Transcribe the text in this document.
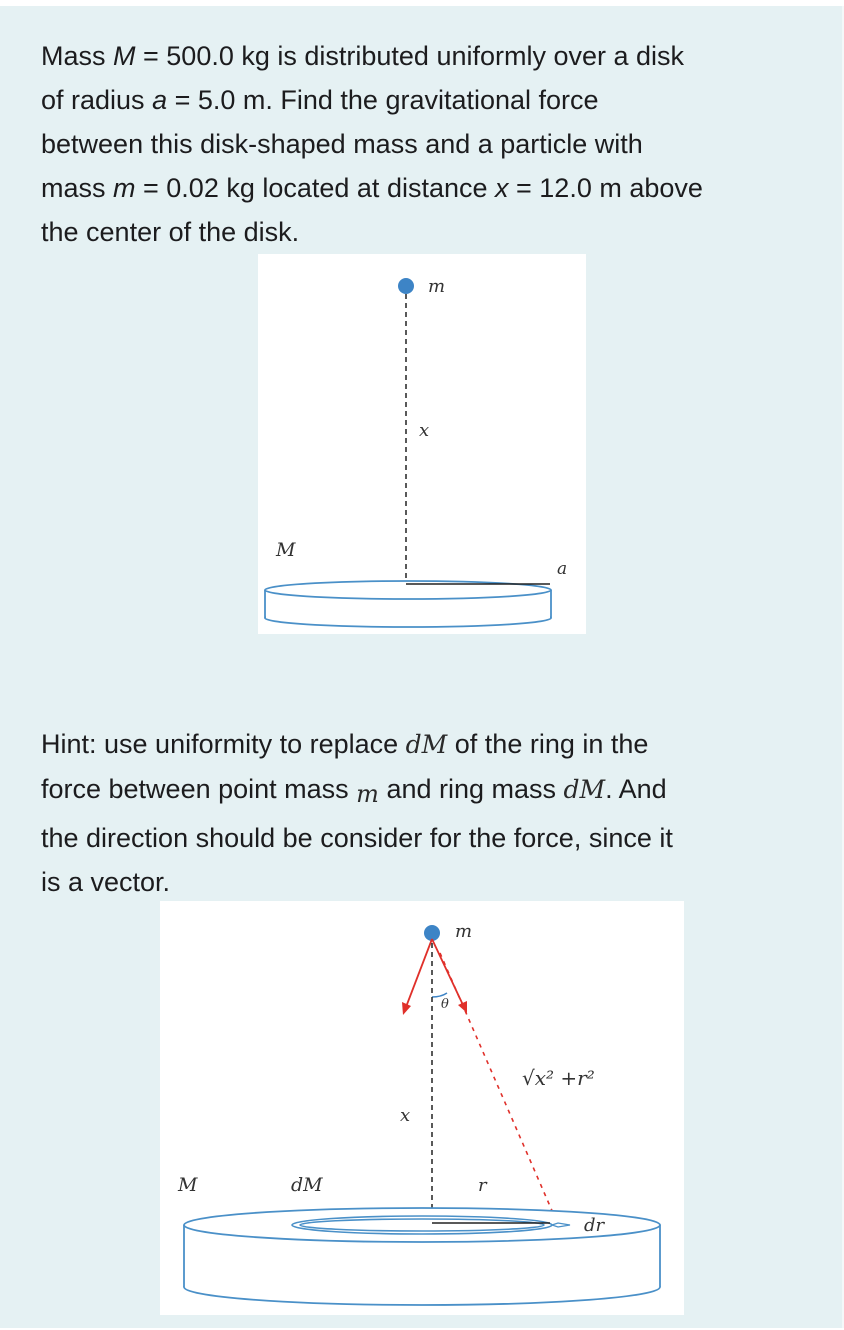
Mass M = 500.0 kg is distributed uniformly over a disk
of radius a = 5.0 m. Find the gravitational force
between this disk-shaped mass and a particle with
mass m = 0.02 kg located at distance x = 12.0 m above
the center of the disk.
m
x
M
a
Hint: use uniformity to replace dM of the ring in the
force between point mass m and ring mass dM. And
the direction should be consider for the force, since it
is a vector.
m
θ
√x² +r²
x
M	dM	r
dr
